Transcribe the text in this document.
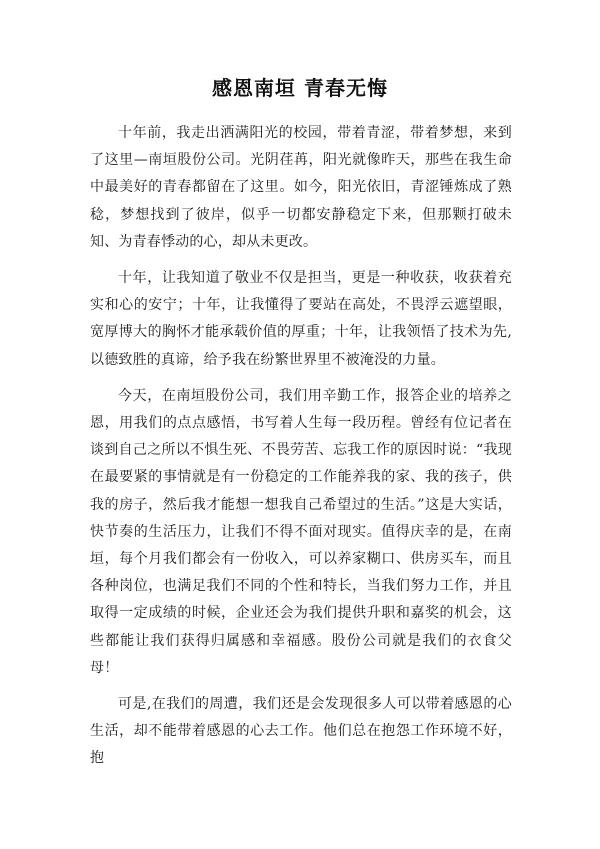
感恩南垣 青春无悔

十年前，我走出洒满阳光的校园，带着青涩，带着梦想，来到了这里—南垣股份公司。光阴荏苒，阳光就像昨天，那些在我生命中最美好的青春都留在了这里。如今，阳光依旧，青涩锤炼成了熟稔，梦想找到了彼岸，似乎一切都安静稳定下来，但那颗打破未知、为青春悸动的心，却从未更改。

十年，让我知道了敬业不仅是担当，更是一种收获，收获着充实和心的安宁；十年，让我懂得了要站在高处，不畏浮云遮望眼，宽厚博大的胸怀才能承载价值的厚重；十年，让我领悟了技术为先,以德致胜的真谛，给予我在纷繁世界里不被淹没的力量。

今天，在南垣股份公司，我们用辛勤工作，报答企业的培养之恩，用我们的点点感悟，书写着人生每一段历程。曾经有位记者在谈到自己之所以不惧生死、不畏劳苦、忘我工作的原因时说：“我现在最要紧的事情就是有一份稳定的工作能养我的家、我的孩子，供我的房子，然后我才能想一想我自己希望过的生活。”这是大实话，快节奏的生活压力，让我们不得不面对现实。值得庆幸的是，在南垣，每个月我们都会有一份收入，可以养家糊口、供房买车，而且各种岗位，也满足我们不同的个性和特长，当我们努力工作，并且取得一定成绩的时候，企业还会为我们提供升职和嘉奖的机会，这些都能让我们获得归属感和幸福感。股份公司就是我们的衣食父母！

可是,在我们的周遭，我们还是会发现很多人可以带着感恩的心生活，却不能带着感恩的心去工作。他们总在抱怨工作环境不好，抱
